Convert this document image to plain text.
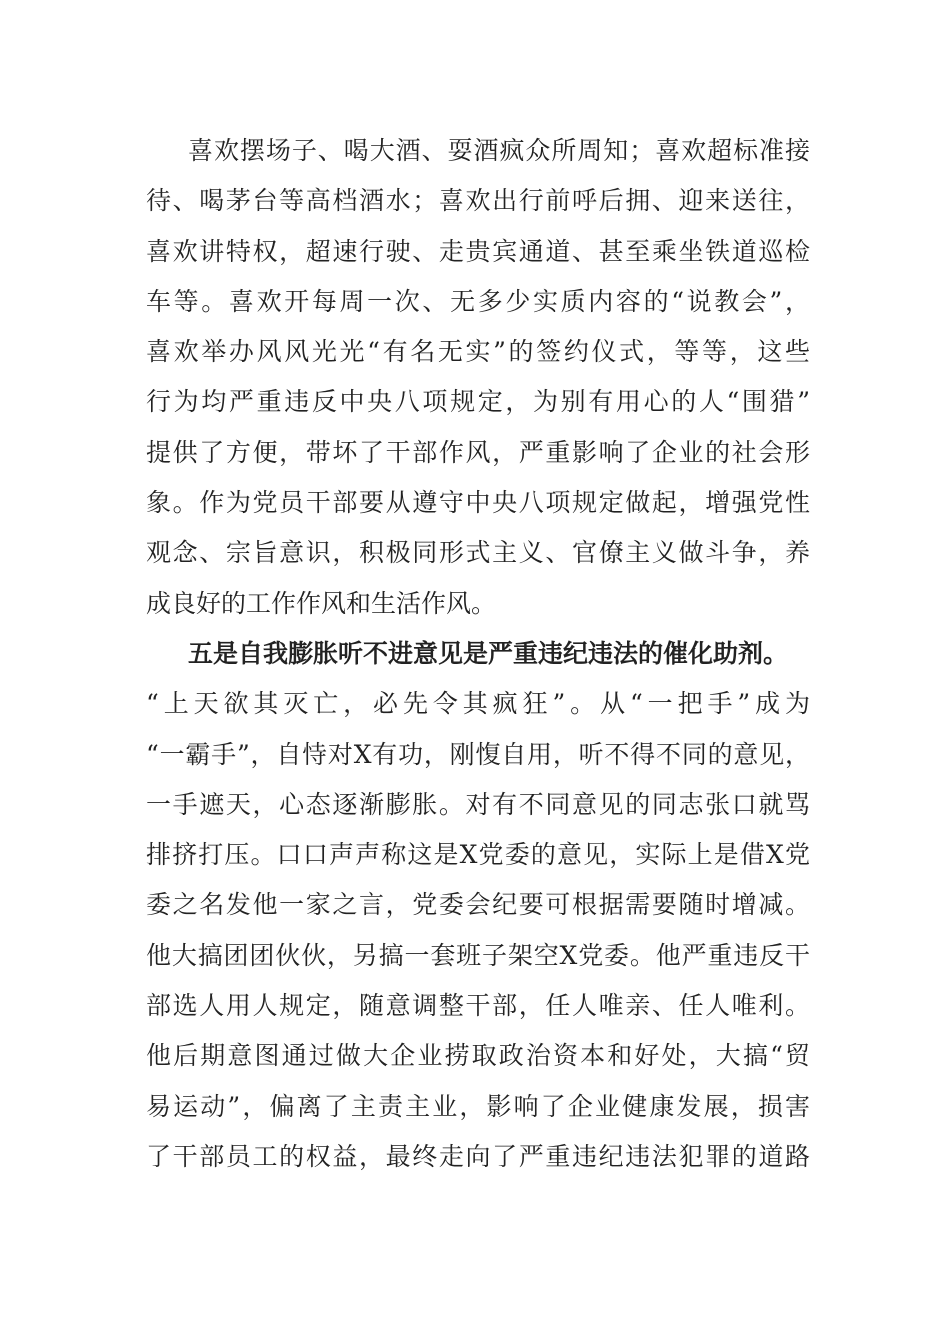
喜欢摆场子、喝大酒、耍酒疯众所周知；喜欢超标准接
待、喝茅台等高档酒水；喜欢出行前呼后拥、迎来送往，
喜欢讲特权，超速行驶、走贵宾通道、甚至乘坐铁道巡检
车等。喜欢开每周一次、无多少实质内容的“说教会”，
喜欢举办风风光光“有名无实”的签约仪式，等等，这些
行为均严重违反中央八项规定，为别有用心的人“围猎”
提供了方便，带坏了干部作风，严重影响了企业的社会形
象。作为党员干部要从遵守中央八项规定做起，增强党性
观念、宗旨意识，积极同形式主义、官僚主义做斗争，养
成良好的工作作风和生活作风。
五是自我膨胀听不进意见是严重违纪违法的催化助剂。
“上天欲其灭亡，必先令其疯狂”。从“一把手”成为
“一霸手”，自恃对X有功，刚愎自用，听不得不同的意见，
一手遮天，心态逐渐膨胀。对有不同意见的同志张口就骂
排挤打压。口口声声称这是X党委的意见，实际上是借X党
委之名发他一家之言，党委会纪要可根据需要随时增减。
他大搞团团伙伙，另搞一套班子架空X党委。他严重违反干
部选人用人规定，随意调整干部，任人唯亲、任人唯利。
他后期意图通过做大企业捞取政治资本和好处，大搞“贸
易运动”，偏离了主责主业，影响了企业健康发展，损害
了干部员工的权益，最终走向了严重违纪违法犯罪的道路
